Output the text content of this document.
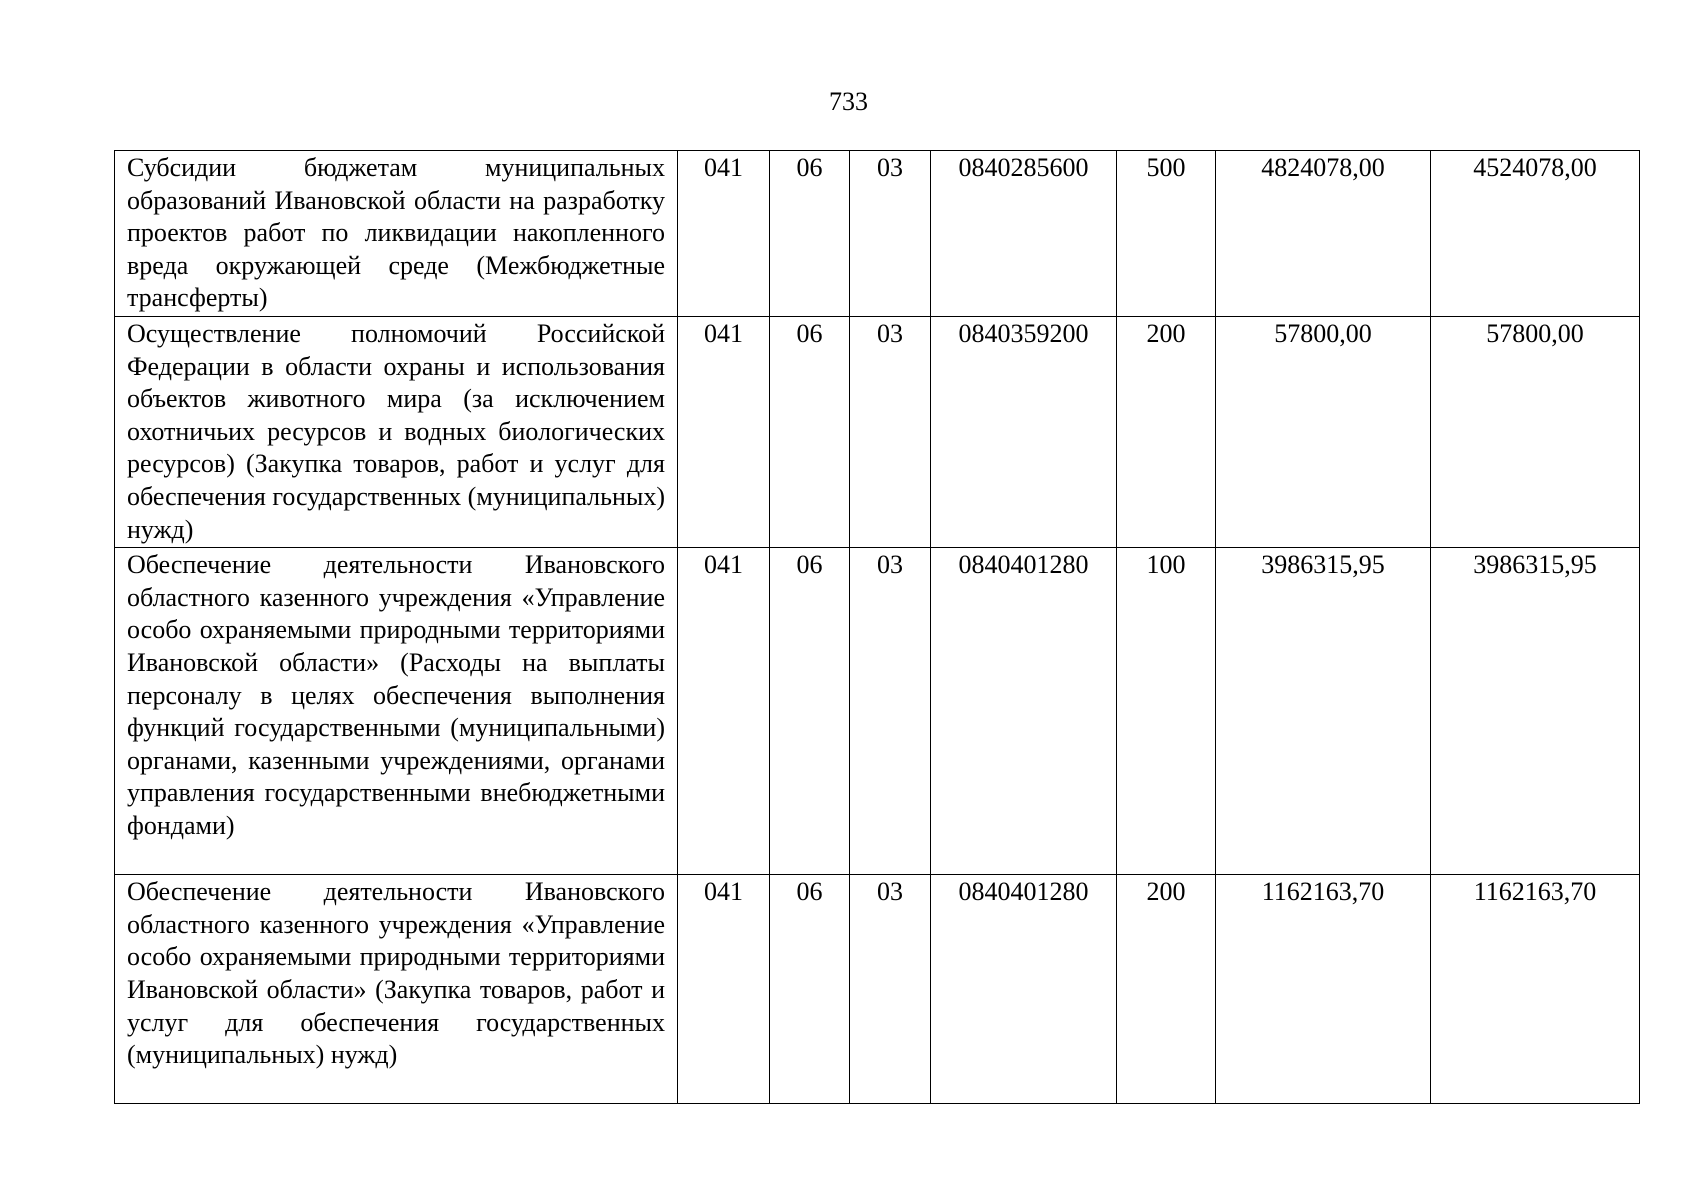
733
Субсидии бюджетам муниципальных образований Ивановской области на разработку проектов работ по ликвидации накопленного вреда окружающей среде (Межбюджетные трансферты)	041	06	03	0840285600	500	4824078,00	4524078,00
Осуществление полномочий Российской Федерации в области охраны и использования объектов животного мира (за исключением охотничьих ресурсов и водных биологических ресурсов) (Закупка товаров, работ и услуг для обеспечения государственных (муниципальных) нужд)	041	06	03	0840359200	200	57800,00	57800,00
Обеспечение деятельности Ивановского областного казенного учреждения «Управление особо охраняемыми природными территориями Ивановской области» (Расходы на выплаты персоналу в целях обеспечения выполнения функций государственными (муниципальными) органами, казенными учреждениями, органами управления государственными внебюджетными фондами)	041	06	03	0840401280	100	3986315,95	3986315,95
Обеспечение деятельности Ивановского областного казенного учреждения «Управление особо охраняемыми природными территориями Ивановской области» (Закупка товаров, работ и услуг для обеспечения государственных (муниципальных) нужд)	041	06	03	0840401280	200	1162163,70	1162163,70
